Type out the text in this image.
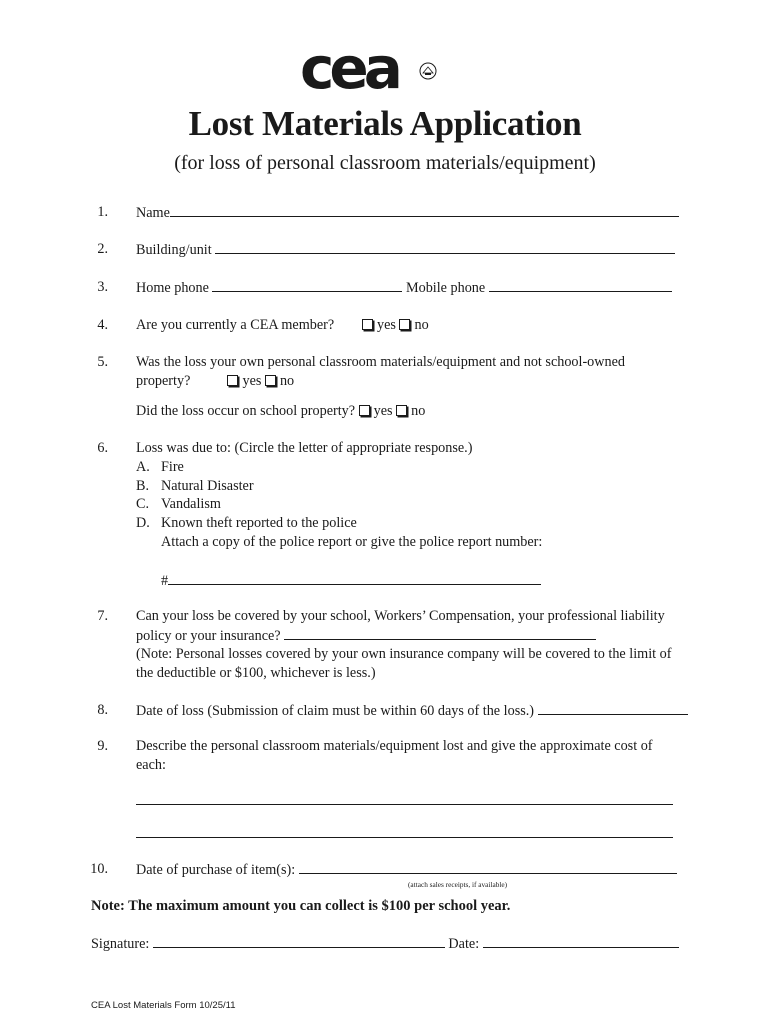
cea
Lost Materials Application
(for loss of personal classroom materials/equipment)
1. Name
2. Building/unit
3. Home phone	Mobile phone
4. Are you currently a CEA member?	yes no
5. Was the loss your own personal classroom materials/equipment and not school-owned
property?	yes no
Did the loss occur on school property? yes no
6. Loss was due to: (Circle the letter of appropriate response.)
A. Fire
B. Natural Disaster
C. Vandalism
D. Known theft reported to the police
Attach a copy of the police report or give the police report number:
#
7. Can your loss be covered by your school, Workers’ Compensation, your professional liability
policy or your insurance?
(Note: Personal losses covered by your own insurance company will be covered to the limit of
the deductible or $100, whichever is less.)
8. Date of loss (Submission of claim must be within 60 days of the loss.)
9. Describe the personal classroom materials/equipment lost and give the approximate cost of
each:
10. Date of purchase of item(s):
(attach sales receipts, if available)
Note: The maximum amount you can collect is $100 per school year.
Signature:	Date:
CEA Lost Materials Form 10/25/11
